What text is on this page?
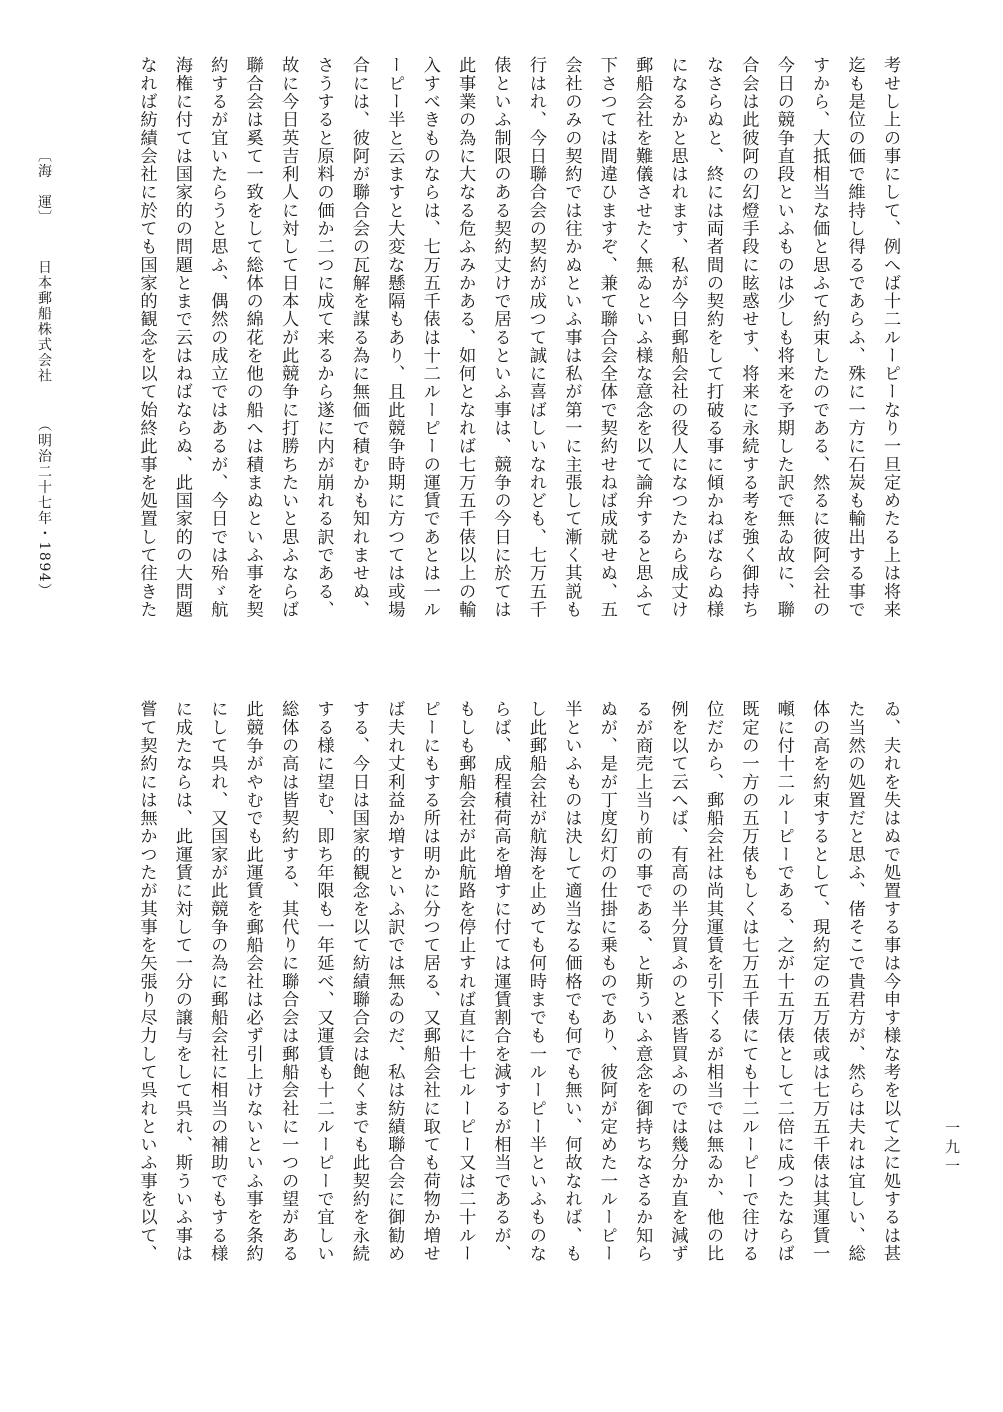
考せし上の事にして、例へば十二ルーピーなり一旦定めたる上は将来
迄も是位の価で維持し得るであらふ、殊に一方に石炭も輸出する事で
すから、大抵相当な価と思ふて約束したのである、然るに彼阿会社の
今日の競争直段といふものは少しも将来を予期した訳で無ゐ故に、聯
合会は此彼阿の幻燈手段に眩惑せす、将来に永続する考を強く御持ち
なさらぬと、終には両者間の契約をして打破る事に傾かねばならぬ様
になるかと思はれます、私が今日郵船会社の役人になつたから成丈け
郵船会社を難儀させたく無ゐといふ様な意念を以て論弁すると思ふて
下さつては間違ひますぞ、兼て聯合会全体で契約せねば成就せぬ、五
会社のみの契約では往かぬといふ事は私が第一に主張して漸く其説も
行はれ、今日聯合会の契約が成つて誠に喜ばしいなれども、七万五千
俵といふ制限のある契約丈けで居るといふ事は、競争の今日に於ては
此事業の為に大なる危ふみかある、如何となれば七万五千俵以上の輸
入すべきものならは、七万五千俵は十二ルーピーの運賃であとは一ル
ーピー半と云ますと大変な懸隔もあり、且此競争時期に方つては或場
合には、彼阿が聯合会の瓦解を謀る為に無価で積むかも知れませぬ、
さうすると原料の価か二つに成て来るから遂に内が崩れる訳である、
故に今日英吉利人に対して日本人が此競争に打勝ちたいと思ふならば
聯合会は奚て一致をして総体の綿花を他の船へは積まぬといふ事を契
約するが宜いたらうと思ふ、偶然の成立ではあるが、今日では殆ゞ航
海権に付ては国家的の問題とまで云はねばならぬ、此国家的の大問題
なれば紡績会社に於ても国家的観念を以て始終此事を処置して往きた
ゐ、夫れを失はぬで処置する事は今申す様な考を以て之に処するは甚
た当然の処置だと思ふ、偖そこで貴君方が、然らは夫れは宜しい、総
体の高を約束するとして、現約定の五万俵或は七万五千俵は其運賃一
噸に付十二ルーピーである、之が十五万俵として二倍に成つたならば
既定の一方の五万俵もしくは七万五千俵にても十二ルーピーで往ける
位だから、郵船会社は尚其運賃を引下くるが相当では無ゐか、他の比
例を以て云へば、有高の半分買ふのと悉皆買ふのでは幾分か直を減ず
るが商売上当り前の事である、と斯ういふ意念を御持ちなさるか知ら
ぬが、是が丁度幻灯の仕掛に乗ものであり、彼阿が定めた一ルーピー
半といふものは決して適当なる価格でも何でも無い、何故なれば、も
し此郵船会社が航海を止めても何時までも一ルーピー半といふものな
らば、成程積荷高を増すに付ては運賃割合を減するが相当であるが、
もしも郵船会社が此航路を停止すれば直に十七ルーピー又は二十ルー
ピーにもする所は明かに分つて居る、又郵船会社に取ても荷物か増せ
ば夫れ丈利益か増すといふ訳では無ゐのだ、私は紡績聯合会に御勧め
する、今日は国家的観念を以て紡績聯合会は飽くまでも此契約を永続
する様に望む、即ち年限も一年延べ、又運賃も十二ルーピーで宜しい
総体の高は皆契約する、其代りに聯合会は郵船会社に一つの望がある
此競争がやむでも此運賃を郵船会社は必ず引上けないといふ事を条約
にして呉れ、又国家が此競争の為に郵船会社に相当の補助でもする様
に成たならは、此運賃に対して一分の譲与をして呉れ、斯ういふ事は
嘗て契約には無かつたが其事を矢張り尽力して呉れといふ事を以て、
〔海　運〕日本郵船株式会社（明治二十七年・1894）
一九一
